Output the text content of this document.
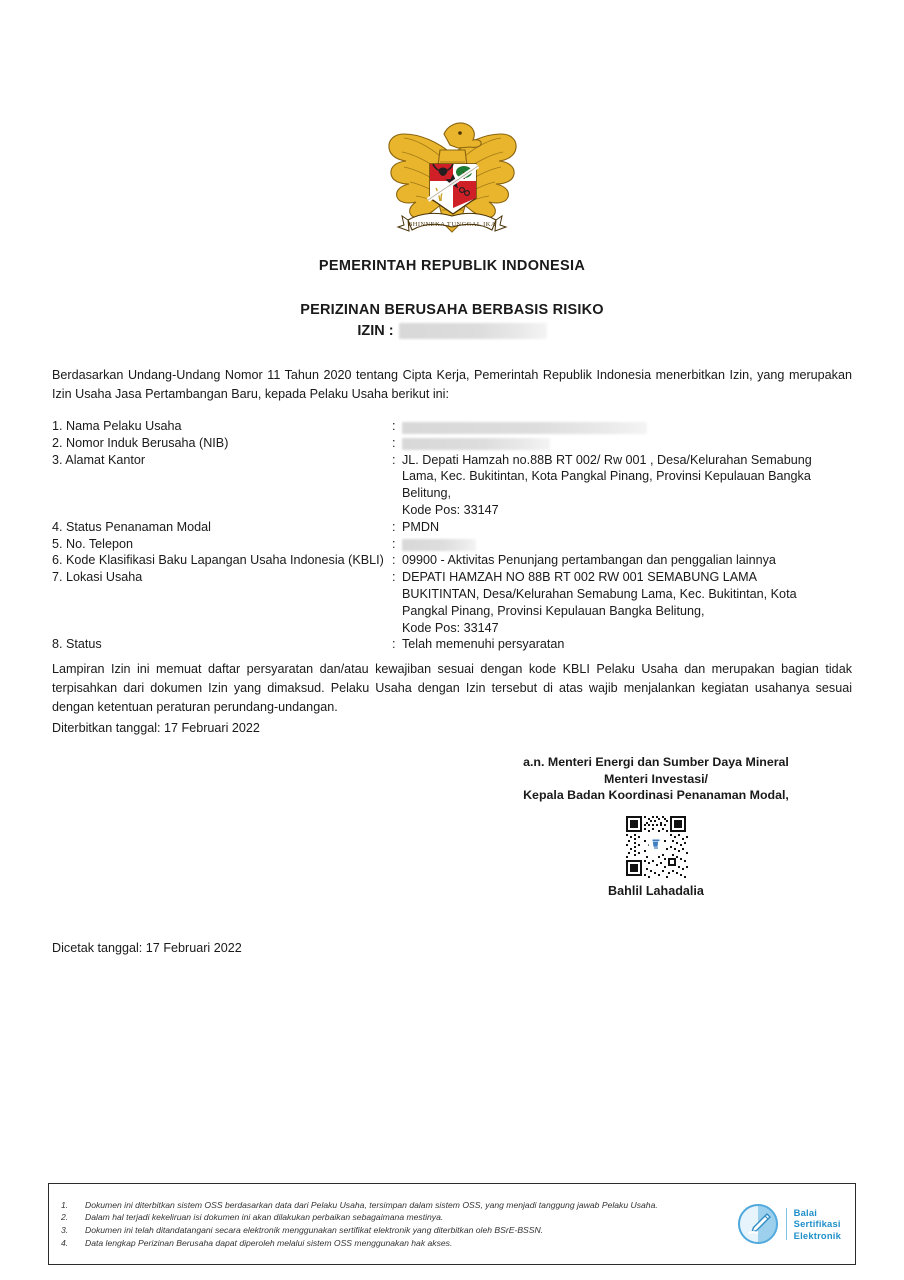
BHINNEKA TUNGGAL IKA
PEMERINTAH REPUBLIK INDONESIA
PERIZINAN BERUSAHA BERBASIS RISIKO
IZIN :
Berdasarkan Undang-Undang Nomor 11 Tahun 2020 tentang Cipta Kerja, Pemerintah Republik Indonesia menerbitkan Izin, yang merupakan Izin Usaha Jasa Pertambangan Baru, kepada Pelaku Usaha berikut ini:
1. Nama Pelaku Usaha	:
2. Nomor Induk Berusaha (NIB)	:
3. Alamat Kantor	: JL. Depati Hamzah no.88B RT 002/ Rw 001 , Desa/Kelurahan Semabung
Lama, Kec. Bukitintan, Kota Pangkal Pinang, Provinsi Kepulauan Bangka
Belitung,
Kode Pos: 33147
4. Status Penanaman Modal	: PMDN
5. No. Telepon	:
6. Kode Klasifikasi Baku Lapangan Usaha Indonesia (KBLI) : 09900 - Aktivitas Penunjang pertambangan dan penggalian lainnya
7. Lokasi Usaha	: DEPATI HAMZAH NO 88B RT 002 RW 001 SEMABUNG LAMA
BUKITINTAN, Desa/Kelurahan Semabung Lama, Kec. Bukitintan, Kota
Pangkal Pinang, Provinsi Kepulauan Bangka Belitung,
Kode Pos: 33147
8. Status	: Telah memenuhi persyaratan
Lampiran Izin ini memuat daftar persyaratan dan/atau kewajiban sesuai dengan kode KBLI Pelaku Usaha dan merupakan bagian tidak terpisahkan dari dokumen Izin yang dimaksud. Pelaku Usaha dengan Izin tersebut di atas wajib menjalankan kegiatan usahanya sesuai dengan ketentuan peraturan perundang-undangan.
Diterbitkan tanggal: 17 Februari 2022
a.n. Menteri Energi dan Sumber Daya Mineral
Menteri Investasi/
Kepala Badan Koordinasi Penanaman Modal,
Bahlil Lahadalia
Dicetak tanggal: 17 Februari 2022
1.	Dokumen ini diterbitkan sistem OSS berdasarkan data dari Pelaku Usaha, tersimpan dalam sistem OSS, yang menjadi tanggung jawab Pelaku Usaha.
2.	Dalam hal terjadi kekeliruan isi dokumen ini akan dilakukan perbaikan sebagaimana mestinya.
3.	Dokumen ini telah ditandatangani secara elektronik menggunakan sertifikat elektronik yang diterbitkan oleh BSrE-BSSN.
4.	Data lengkap Perizinan Berusaha dapat diperoleh melalui sistem OSS menggunakan hak akses.
Balai
Sertifikasi
Elektronik
